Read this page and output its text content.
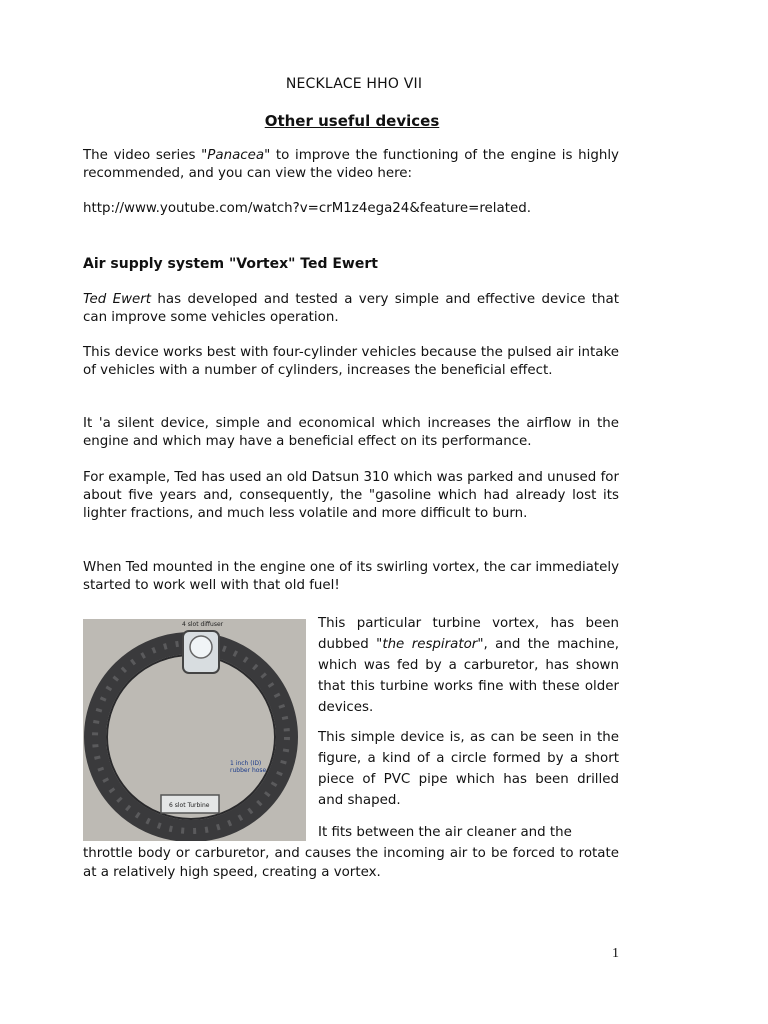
NECKLACE HHO VII
Other useful devices
The video series "Panacea" to improve the functioning of the engine is highly recommended, and you can view the video here:
http://www.youtube.com/watch?v=crM1z4ega24&feature=related.
Air supply system "Vortex" Ted Ewert
Ted Ewert has developed and tested a very simple and effective device that can improve some vehicles operation.
This device works best with four-cylinder vehicles because the pulsed air intake of vehicles with a number of cylinders, increases the beneficial effect.
It 'a silent device, simple and economical which increases the airflow in the engine and which may have a beneficial effect on its performance.
For example, Ted has used an old Datsun 310 which was parked and unused for about five years and, consequently, the "gasoline which had already lost its lighter fractions, and much less volatile and more difficult to burn.
When Ted mounted in the engine one of its swirling vortex, the car immediately started to work well with that old fuel!
4 slot diffuser
1 inch (ID) rubber hose
6 slot Turbine
This particular turbine vortex, has been dubbed "the respirator", and the machine, which was fed by a carburetor, has shown that this turbine works fine with these older devices.
This simple device is, as can be seen in the figure, a kind of a circle formed by a short piece of PVC pipe which has been drilled and shaped.
It fits between the air cleaner and the
throttle body or carburetor, and causes the incoming air to be forced to rotate at a relatively high speed, creating a vortex.
1
